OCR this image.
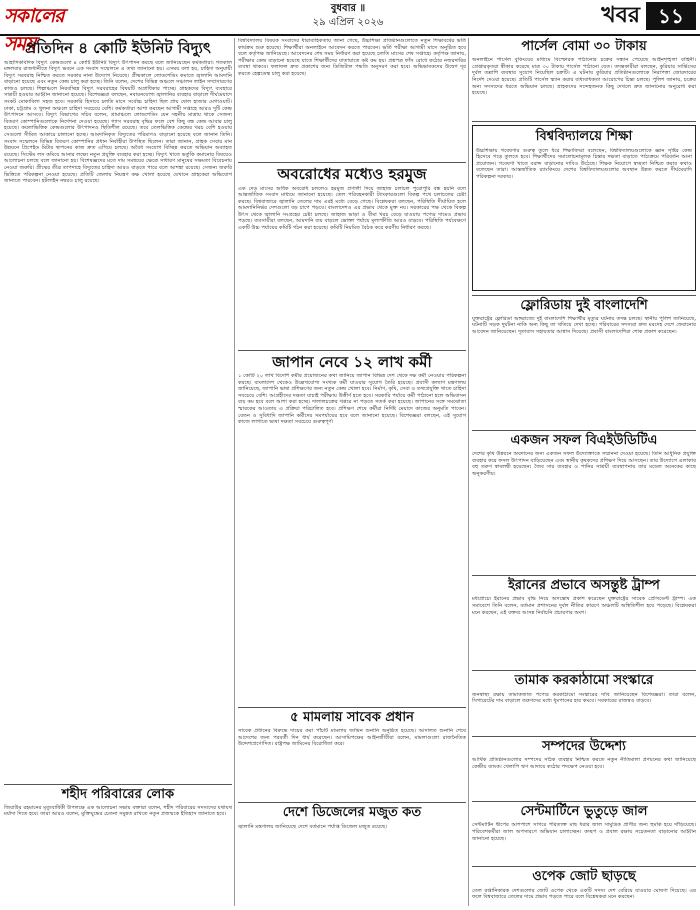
সকালের সময়
বুধবার ॥
২৯ এপ্রিল ২০২৬	খবর ১১
প্রতিদিন ৪ কোটি ইউনিট বিদ্যুৎ
আহাদিকবিদিক বিদ্যুৎ কেন্দ্রগুলো ৪ কোটি ইউনিট বিদ্যুৎ উৎপাদন করছে বলে জানিয়েছেন কর্মকর্তারা। গতকাল মঙ্গলবার রাজধানীতে বিদ্যুৎ ভবনে এক সংবাদ সম্মেলনে এ তথ্য জানানো হয়। এসময় বলা হয়, চাহিদা অনুযায়ী বিদ্যুৎ সরবরাহ নিশ্চিত করতে সরকার নানা উদ্যোগ নিয়েছে। গ্রীষ্মকালে লোডশেডিং কমাতে জ্বালানি আমদানি বাড়ানো হয়েছে এবং নতুন কেন্দ্র চালু করা হচ্ছে। তিনি বলেন, দেশের বিভিন্ন অঞ্চলে সঞ্চালন লাইন সম্প্রসারণের কাজও চলছে। শিল্পাঞ্চলে নিরবচ্ছিন্ন বিদ্যুৎ সরবরাহের বিষয়টি অগ্রাধিকার পাচ্ছে। গ্রাহকদের বিদ্যুৎ ব্যবহারে সাশ্রয়ী হওয়ার আহ্বান জানানো হয়েছে। বিশেষজ্ঞরা বলছেন, নবায়নযোগ্য জ্বালানির ব্যবহার বাড়ালে দীর্ঘমেয়াদে সংকট মোকাবিলা সহজ হবে। সরকারি হিসাবে চলতি মাসে সর্বোচ্চ চাহিদা ছিল প্রায় ষোল হাজার মেগাওয়াট। ঢাকা, চট্টগ্রাম ও খুলনা অঞ্চলে চাহিদা সবচেয়ে বেশি। কর্মকর্তারা আশা করছেন আগামী সপ্তাহে আরও দুটি কেন্দ্র উৎপাদনে আসবে। বিদ্যুৎ বিভাগের সচিব বলেন, গ্রামাঞ্চলে লোডশেডিং যেন সহনীয় মাত্রায় থাকে সেজন্য বিতরণ কোম্পানিগুলোকে নির্দেশনা দেওয়া হয়েছে। গ্যাস সরবরাহ বৃদ্ধির ফলে বেশ কিছু বন্ধ কেন্দ্র আবার চালু হয়েছে। কয়লাভিত্তিক কেন্দ্রগুলোর উৎপাদনও স্থিতিশীল রয়েছে। তবে তেলভিত্তিক কেন্দ্রের খরচ বেশি হওয়ায় সেগুলো সীমিত আকারে চালানো হচ্ছে। আমদানিকৃত বিদ্যুতের পরিমাণও বাড়ানো হয়েছে বলে জানান তিনি। সংবাদ সম্মেলনে বিভিন্ন বিতরণ কোম্পানির প্রধান নির্বাহীরা উপস্থিত ছিলেন। তারা জানান, গ্রাহক সেবার মান উন্নয়নে প্রিপেইড মিটার স্থাপনের কাজ দ্রুত এগিয়ে চলছে। অবৈধ সংযোগ বিচ্ছিন্ন করতে অভিযান অব্যাহত রয়েছে। সিস্টেম লস কমিয়ে আনার লক্ষ্যে নতুন প্রযুক্তি ব্যবহার করা হচ্ছে। বিদ্যুৎ খাতে ভর্তুকি কমানোর বিষয়েও আলোচনা চলছে বলে জানানো হয়। বিশেষজ্ঞদের মতে দাম সমন্বয়ের ক্ষেত্রে সাধারণ মানুষের সক্ষমতা বিবেচনায় নেওয়া জরুরি। গ্রীষ্মের তীব্র তাপদাহে বিদ্যুতের চাহিদা আরও বাড়তে পারে বলে আশঙ্কা রয়েছে। সেজন্য জরুরি ভিত্তিতে পরিকল্পনা নেওয়া হয়েছে। প্রতিটি জেলায় নিয়ন্ত্রণ কক্ষ খোলা হয়েছে যেখানে গ্রাহকেরা অভিযোগ জানাতে পারবেন। হটলাইন নম্বরও চালু রয়েছে।
শহীদ পরিবারের লোক
জিয়াউর রহমানের মৃত্যুবার্ষিকী উপলক্ষে এক আলোচনা সভায় বক্তারা বলেন, শহীদ পরিবারের সদস্যদের যথাযথ মর্যাদা দিতে হবে। তারা আরও বলেন, মুক্তিযুদ্ধের চেতনা সমুন্নত রাখতে নতুন প্রজন্মকে ইতিহাস জানাতে হবে।
বিশ্ববিদ্যালয় বিষয়ক সংবাদের ধারাবাহিকতায় জানা গেছে, উচ্চশিক্ষা প্রতিষ্ঠানগুলোতে নতুন শিক্ষাবর্ষের ভর্তি কার্যক্রম শুরু হয়েছে। শিক্ষার্থীরা অনলাইনে আবেদন করতে পারবেন। ভর্তি পরীক্ষা আগামী মাসে অনুষ্ঠিত হবে বলে কর্তৃপক্ষ জানিয়েছে। আবেদনের শেষ সময় নির্ধারণ করা হয়েছে চলতি মাসের শেষ সপ্তাহে। কর্তৃপক্ষ জানায়, পরীক্ষার কেন্দ্র বাড়ানো হয়েছে যাতে শিক্ষার্থীদের যাতায়াতে কষ্ট কম হয়। প্রশ্নপত্র ফাঁস রোধে কঠোর নজরদারির ব্যবস্থা থাকবে। ফলাফল দ্রুত প্রকাশের জন্য ডিজিটাল পদ্ধতি অনুসরণ করা হবে। অভিভাবকদের উদ্বেগ দূর করতে হেল্পডেস্ক চালু করা হয়েছে।
অবরোধের মধ্যেও হরমুজ
এক দেড় মাসের অধিক অবরোধ চললেও হরমুজ প্রণালী দিয়ে জাহাজ চলাচল পুরোপুরি বন্ধ হয়নি বলে আন্তর্জাতিক সংবাদ মাধ্যমে জানানো হয়েছে। তেল পরিবহনকারী ট্যাংকারগুলো বিকল্প পথে চলাচলের চেষ্টা করছে। বিশ্ববাজারে জ্বালানি তেলের দাম এরই মধ্যে বেড়ে গেছে। বিশ্লেষকরা বলছেন, পরিস্থিতি দীর্ঘায়িত হলে আমদানিনির্ভর দেশগুলো বড় চাপে পড়বে। বাংলাদেশও এর প্রভাব থেকে মুক্ত নয়। সরকারের পক্ষ থেকে বিকল্প উৎস থেকে জ্বালানি সংগ্রহের চেষ্টা চলছে। জাহাজ ভাড়া ও বীমা খরচ বেড়ে যাওয়ায় পণ্যের দামেও প্রভাব পড়ছে। ব্যবসায়ীরা বলছেন, আমদানি ব্যয় বাড়লে ভোক্তা পর্যায়ে মূল্যস্ফীতি আরও বাড়বে। পরিস্থিতি পর্যবেক্ষণে একটি উচ্চ পর্যায়ের কমিটি গঠন করা হয়েছে। কমিটি নিয়মিত বৈঠক করে করণীয় নির্ধারণ করছে।
জাপান নেবে ১২ লাখ কর্মী
১ কোটি ২০ লাখ বিদেশি কর্মীর প্রয়োজনের কথা জানিয়ে জাপান বিভিন্ন দেশ থেকে দক্ষ কর্মী নেওয়ার পরিকল্পনা করছে। বাংলাদেশ থেকেও উল্লেখযোগ্য সংখ্যক কর্মী যাওয়ার সুযোগ তৈরি হয়েছে। প্রবাসী কল্যাণ মন্ত্রণালয় জানিয়েছে, জাপানি ভাষা প্রশিক্ষণের জন্য নতুন কেন্দ্র খোলা হবে। নির্মাণ, কৃষি, সেবা ও তথ্যপ্রযুক্তি খাতে চাহিদা সবচেয়ে বেশি। আগ্রহীদের দক্ষতা যাচাই পরীক্ষায় উত্তীর্ণ হতে হবে। সরকারি পর্যায়ে কর্মী পাঠানো হলে অভিবাসন ব্যয় কম হবে বলে আশা করা হচ্ছে। দালালচক্রের খপ্পরে না পড়তে সতর্ক করা হয়েছে। জাপানের সঙ্গে সমঝোতা স্মারকের আওতায় এ প্রক্রিয়া পরিচালিত হবে। প্রশিক্ষণ শেষে কর্মীরা নির্দিষ্ট মেয়াদে কাজের অনুমতি পাবেন। বেতন ও সুবিধাদি জাপানি কর্মীদের সমপর্যায়ের হবে বলে জানানো হয়েছে। বিশেষজ্ঞরা বলছেন, এই সুযোগ কাজে লাগাতে ভাষা দক্ষতা সবচেয়ে গুরুত্বপূর্ণ।
৫ মামলায় সাবেক প্রধান
সাবেক প্রধানের বিরুদ্ধে দায়ের করা পাঁচটি মামলায় জামিন শুনানি অনুষ্ঠিত হয়েছে। আদালত শুনানি শেষে আদেশের জন্য পরবর্তী দিন ধার্য করেছেন। আসামিপক্ষের আইনজীবীরা বলেন, মামলাগুলো রাজনৈতিক উদ্দেশ্যপ্রণোদিত। রাষ্ট্রপক্ষ জামিনের বিরোধিতা করে।
দেশে ডিজেলের মজুত কত
জ্বালানি মন্ত্রণালয় জানিয়েছে দেশে বর্তমানে পর্যাপ্ত ডিজেল মজুত রয়েছে।
পার্সেল বোমা ৩০ টাকায়
অনলাইনে পার্সেল বুকিংয়ের মাধ্যমে বিস্ফোরক পাঠানোর চক্রের সন্ধান পেয়েছে আইনশৃঙ্খলা বাহিনী। গ্রেপ্তারকৃতরা স্বীকার করেছে মাত্র ৩০ টাকায় পার্সেল পাঠানো যেত। তদন্তকারীরা বলছেন, কুরিয়ার সার্ভিসের দুর্বল তল্লাশি ব্যবস্থার সুযোগ নিয়েছিল চক্রটি। এ ঘটনায় কুরিয়ার প্রতিষ্ঠানগুলোকে নিরাপত্তা জোরদারের নির্দেশ দেওয়া হয়েছে। প্রতিটি পার্সেল স্ক্যান করার বাধ্যবাধকতা আরোপের চিন্তা চলছে। পুলিশ জানায়, চক্রের অন্য সদস্যদের ধরতে অভিযান চলছে। গ্রাহকদের সন্দেহজনক কিছু দেখলে দ্রুত জানানোর অনুরোধ করা হয়েছে।
বিশ্ববিদ্যালয়ে শিক্ষা
উচ্চশিক্ষায় গবেষণার গুরুত্ব তুলে ধরে শিক্ষাবিদরা বলেছেন, বিশ্ববিদ্যালয়গুলোকে জ্ঞান সৃষ্টির কেন্দ্র হিসেবে গড়ে তুলতে হবে। শিক্ষার্থীদের সমালোচনামূলক চিন্তার দক্ষতা বাড়াতে পাঠ্যক্রমে পরিবর্তন আনা প্রয়োজন। গবেষণা খাতে বরাদ্দ বাড়ানোর দাবিও উঠেছে। শিক্ষক নিয়োগে স্বচ্ছতা নিশ্চিত করার কথাও বলেছেন তারা। আন্তর্জাতিক র‍্যাংকিংয়ে দেশের বিশ্ববিদ্যালয়গুলোর অবস্থান উন্নত করতে দীর্ঘমেয়াদি পরিকল্পনা দরকার।
ফ্লোরিডায় দুই বাংলাদেশি
যুক্তরাষ্ট্রের ফ্লোরিডা অঙ্গরাজ্যে দুই বাংলাদেশি শিক্ষার্থীর মৃত্যুর ঘটনায় তদন্ত চলছে। স্থানীয় পুলিশ জানিয়েছে, ঘটনাটি সড়ক দুর্ঘটনা নাকি অন্য কিছু তা খতিয়ে দেখা হচ্ছে। পরিবারের সদস্যরা দ্রুত মরদেহ দেশে ফেরানোর আবেদন জানিয়েছেন। দূতাবাস সহায়তার আশ্বাস দিয়েছে। প্রবাসী বাংলাদেশিরা শোক প্রকাশ করেছেন।
একজন সফল বিএইউডিটিএ
দেশের কৃষি উন্নয়নে অবদানের জন্য একজন সফল উদ্যোক্তাকে সম্মাননা দেওয়া হয়েছে। তিনি আধুনিক প্রযুক্তি ব্যবহার করে ফসল উৎপাদন বাড়িয়েছেন এবং স্থানীয় কৃষকদের প্রশিক্ষণ দিয়ে আসছেন। তার উদ্যোগে এলাকার বহু তরুণ স্বাবলম্বী হয়েছেন। জৈব সার ব্যবহার ও পানির সাশ্রয়ী ব্যবস্থাপনায় তার মডেল অনেকের কাছে অনুকরণীয়।
ইরানের প্রভাবে অসন্তুষ্ট ট্রাম্প
মধ্যপ্রাচ্যে ইরানের প্রভাব বৃদ্ধি নিয়ে অসন্তোষ প্রকাশ করেছেন যুক্তরাষ্ট্রের সাবেক প্রেসিডেন্ট ট্রাম্প। এক সমাবেশে তিনি বলেন, বর্তমান প্রশাসনের দুর্বল নীতির কারণে অঞ্চলটি অস্থিতিশীল হয়ে পড়েছে। বিশ্লেষকরা মনে করছেন, এই বক্তব্য আসন্ন নির্বাচনি প্রচারণার অংশ।
তামাক করকাঠামো সংস্কারে
জনস্বাস্থ্য রক্ষায় তামাকজাত পণ্যের করকাঠামো সংস্কারের দাবি জানিয়েছেন বিশেষজ্ঞরা। তারা বলেন, সিগারেটের দাম বাড়ালে তরুণদের মধ্যে ধূমপানের হার কমবে। সরকারের রাজস্বও বাড়বে।
সম্পদের উদ্দেশ্য
আর্থিক প্রতিষ্ঠানগুলোর সম্পদের সঠিক ব্যবহার নিশ্চিত করতে নতুন নীতিমালা প্রণয়নের কথা জানিয়েছে কেন্দ্রীয় ব্যাংক। খেলাপি ঋণ আদায়ে কঠোর পদক্ষেপ নেওয়া হবে।
সেন্টমার্টিনে ভুতুড়ে জাল
সেন্টমার্টিন দ্বীপের আশপাশে সাগরে পরিত্যক্ত মাছ ধরার জাল সামুদ্রিক প্রাণীর জন্য হুমকি হয়ে দাঁড়িয়েছে। পরিবেশকর্মীরা জাল অপসারণে অভিযান চালাচ্ছেন। কচ্ছপ ও প্রবাল রক্ষায় সচেতনতা বাড়ানোর আহ্বান জানানো হয়েছে।
ওপেক জোট ছাড়ছে
তেল রপ্তানিকারক দেশগুলোর জোট ওপেক থেকে একটি সদস্য দেশ বেরিয়ে যাওয়ার ঘোষণা দিয়েছে। এর ফলে বিশ্ববাজারে তেলের দামে প্রভাব পড়তে পারে বলে বিশ্লেষকরা মনে করছেন।
